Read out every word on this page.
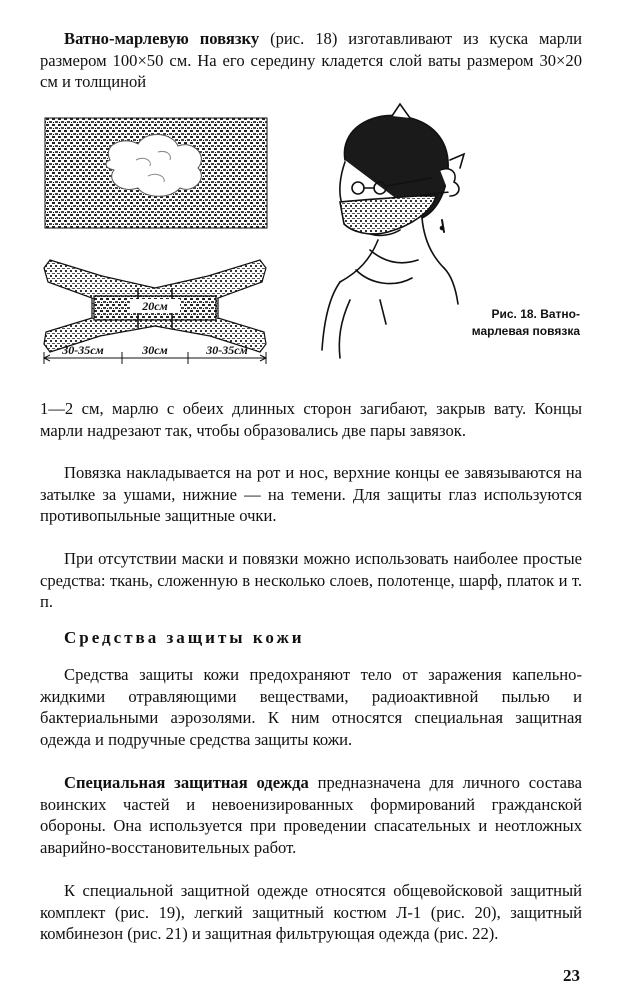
Ватно-марлевую повязку (рис. 18) изготавливают из куска марли размером 100×50 см. На его середину кладется слой ваты размером 30×20 см и толщиной

20см
30-35см	30см	30-35см
Рис. 18. Ватно-марлевая повязка

1—2 см, марлю с обеих длинных сторон загибают, закрыв вату. Концы марли надрезают так, чтобы образовались две пары завязок.

Повязка накладывается на рот и нос, верхние концы ее завязываются на затылке за ушами, нижние — на темени. Для защиты глаз используются противопыльные защитные очки.

При отсутствии маски и повязки можно использовать наиболее простые средства: ткань, сложенную в несколько слоев, полотенце, шарф, платок и т. п.

Средства защиты кожи

Средства защиты кожи предохраняют тело от заражения капельно-жидкими отравляющими веществами, радиоактивной пылью и бактериальными аэрозолями. К ним относятся специальная защитная одежда и подручные средства защиты кожи.

Специальная защитная одежда предназначена для личного состава воинских частей и невоенизированных формирований гражданской обороны. Она используется при проведении спасательных и неотложных аварийно-восстановительных работ.

К специальной защитной одежде относятся общевойсковой защитный комплект (рис. 19), легкий защитный костюм Л-1 (рис. 20), защитный комбинезон (рис. 21) и защитная фильтрующая одежда (рис. 22).

23
